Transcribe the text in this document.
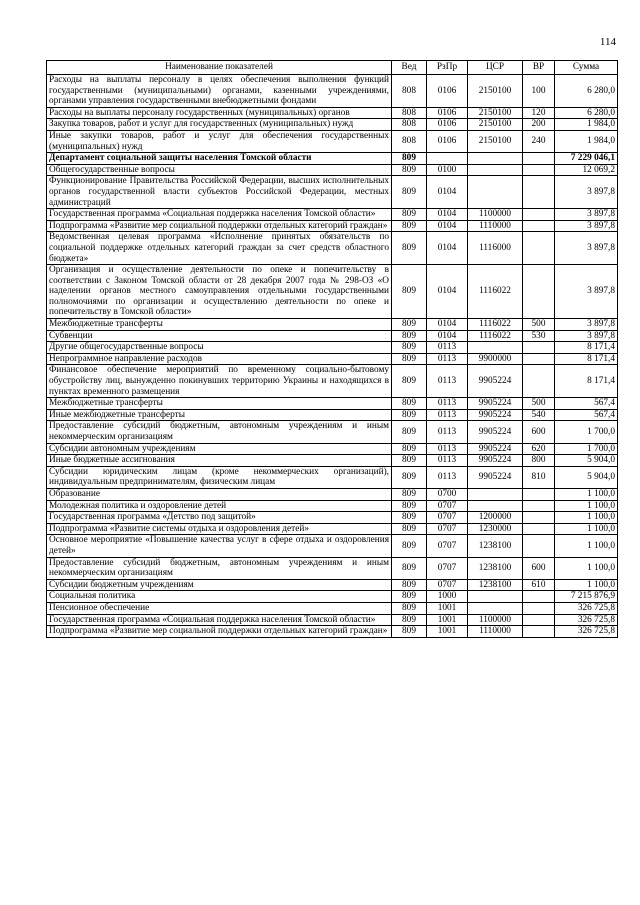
114
Наименование показателей	Вед	РзПр	ЦСР	ВР	Сумма
Расходы на выплаты персоналу в целях обеспечения выполнения функций государственными (муниципальными) органами, казенными учреждениями, органами управления государственными внебюджетными фондами	808	0106	2150100	100	6 280,0
Расходы на выплаты персоналу государственных (муниципальных) органов	808	0106	2150100	120	6 280,0
Закупка товаров, работ и услуг для государственных (муниципальных) нужд	808	0106	2150100	200	1 984,0
Иные закупки товаров, работ и услуг для обеспечения государственных (муниципальных) нужд	808	0106	2150100	240	1 984,0
Департамент социальной защиты населения Томской области	809				7 229 046,1
Общегосударственные вопросы	809	0100			12 069,2
Функционирование Правительства Российской Федерации, высших исполнительных органов государственной власти субъектов Российской Федерации, местных администраций	809	0104			3 897,8
Государственная программа «Социальная поддержка населения Томской области»	809	0104	1100000		3 897,8
Подпрограмма «Развитие мер социальной поддержки отдельных категорий граждан»	809	0104	1110000		3 897,8
Ведомственная целевая программа «Исполнение принятых обязательств по социальной поддержке отдельных категорий граждан за счет средств областного бюджета»	809	0104	1116000		3 897,8
Организация и осуществление деятельности по опеке и попечительству в соответствии с Законом Томской области от 28 декабря 2007 года № 298-ОЗ «О наделении органов местного самоуправления отдельными государственными полномочиями по организации и осуществлению деятельности по опеке и попечительству в Томской области»	809	0104	1116022		3 897,8
Межбюджетные трансферты	809	0104	1116022	500	3 897,8
Субвенции	809	0104	1116022	530	3 897,8
Другие общегосударственные вопросы	809	0113			8 171,4
Непрограммное направление расходов	809	0113	9900000		8 171,4
Финансовое обеспечение мероприятий по временному социально-бытовому обустройству лиц, вынужденно покинувших территорию Украины и находящихся в пунктах временного размещения	809	0113	9905224		8 171,4
Межбюджетные трансферты	809	0113	9905224	500	567,4
Иные межбюджетные трансферты	809	0113	9905224	540	567,4
Предоставление субсидий бюджетным, автономным учреждениям и иным некоммерческим организациям	809	0113	9905224	600	1 700,0
Субсидии автономным учреждениям	809	0113	9905224	620	1 700,0
Иные бюджетные ассигнования	809	0113	9905224	800	5 904,0
Субсидии юридическим лицам (кроме некоммерческих организаций), индивидуальным предпринимателям, физическим лицам	809	0113	9905224	810	5 904,0
Образование	809	0700			1 100,0
Молодежная политика и оздоровление детей	809	0707			1 100,0
Государственная программа «Детство под защитой»	809	0707	1200000		1 100,0
Подпрограмма «Развитие системы отдыха и оздоровления детей»	809	0707	1230000		1 100,0
Основное мероприятие «Повышение качества услуг в сфере отдыха и оздоровления детей»	809	0707	1238100		1 100,0
Предоставление субсидий бюджетным, автономным учреждениям и иным некоммерческим организациям	809	0707	1238100	600	1 100,0
Субсидии бюджетным учреждениям	809	0707	1238100	610	1 100,0
Социальная политика	809	1000			7 215 876,9
Пенсионное обеспечение	809	1001			326 725,8
Государственная программа «Социальная поддержка населения Томской области»	809	1001	1100000		326 725,8
Подпрограмма «Развитие мер социальной поддержки отдельных категорий граждан»	809	1001	1110000		326 725,8
